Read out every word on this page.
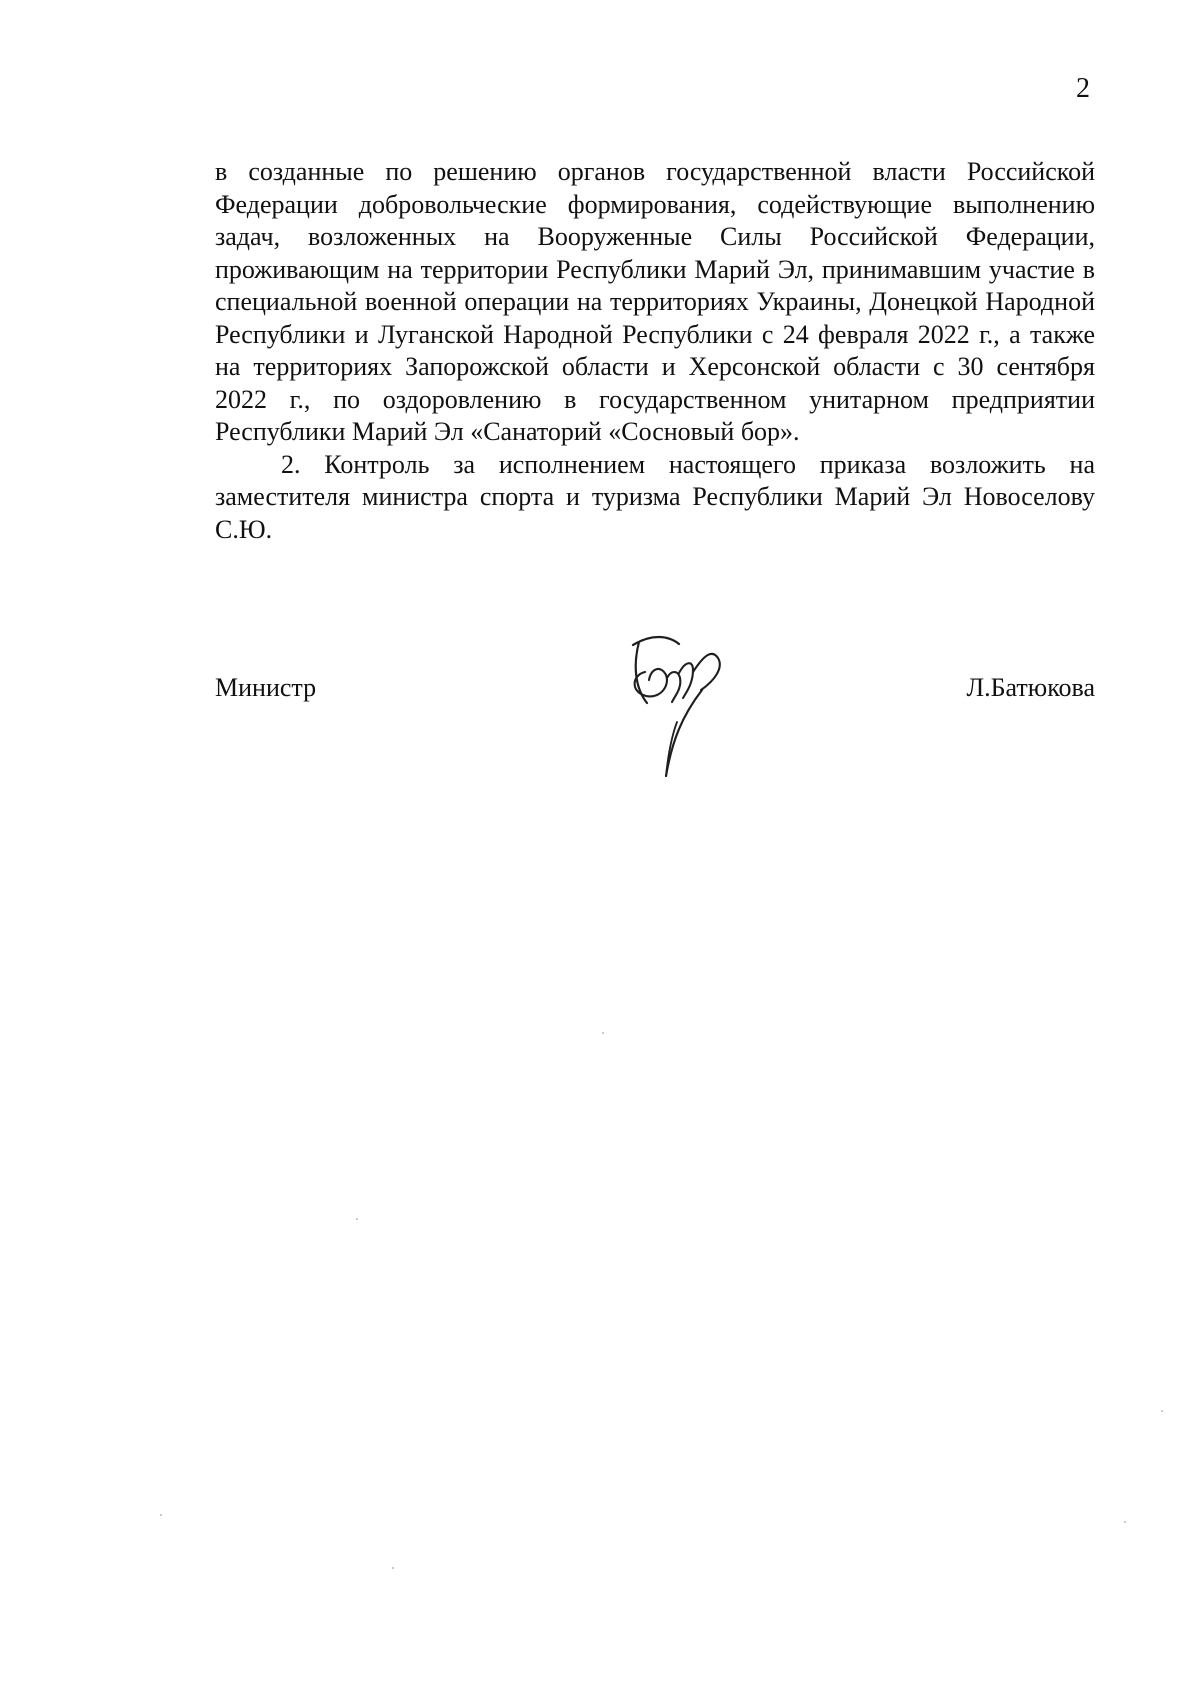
2

в созданные по решению органов государственной власти Российской Федерации добровольческие формирования, содействующие выполнению задач, возложенных на Вооруженные Силы Российской Федерации, проживающим на территории Республики Марий Эл, принимавшим участие в специальной военной операции на территориях Украины, Донецкой Народной Республики и Луганской Народной Республики с 24 февраля 2022 г., а также на территориях Запорожской области и Херсонской области с 30 сентября 2022 г., по оздоровлению в государственном унитарном предприятии Республики Марий Эл «Санаторий «Сосновый бор».

2. Контроль за исполнением настоящего приказа возложить на заместителя министра спорта и туризма Республики Марий Эл Новоселову С.Ю.

Министр	Л.Батюкова
